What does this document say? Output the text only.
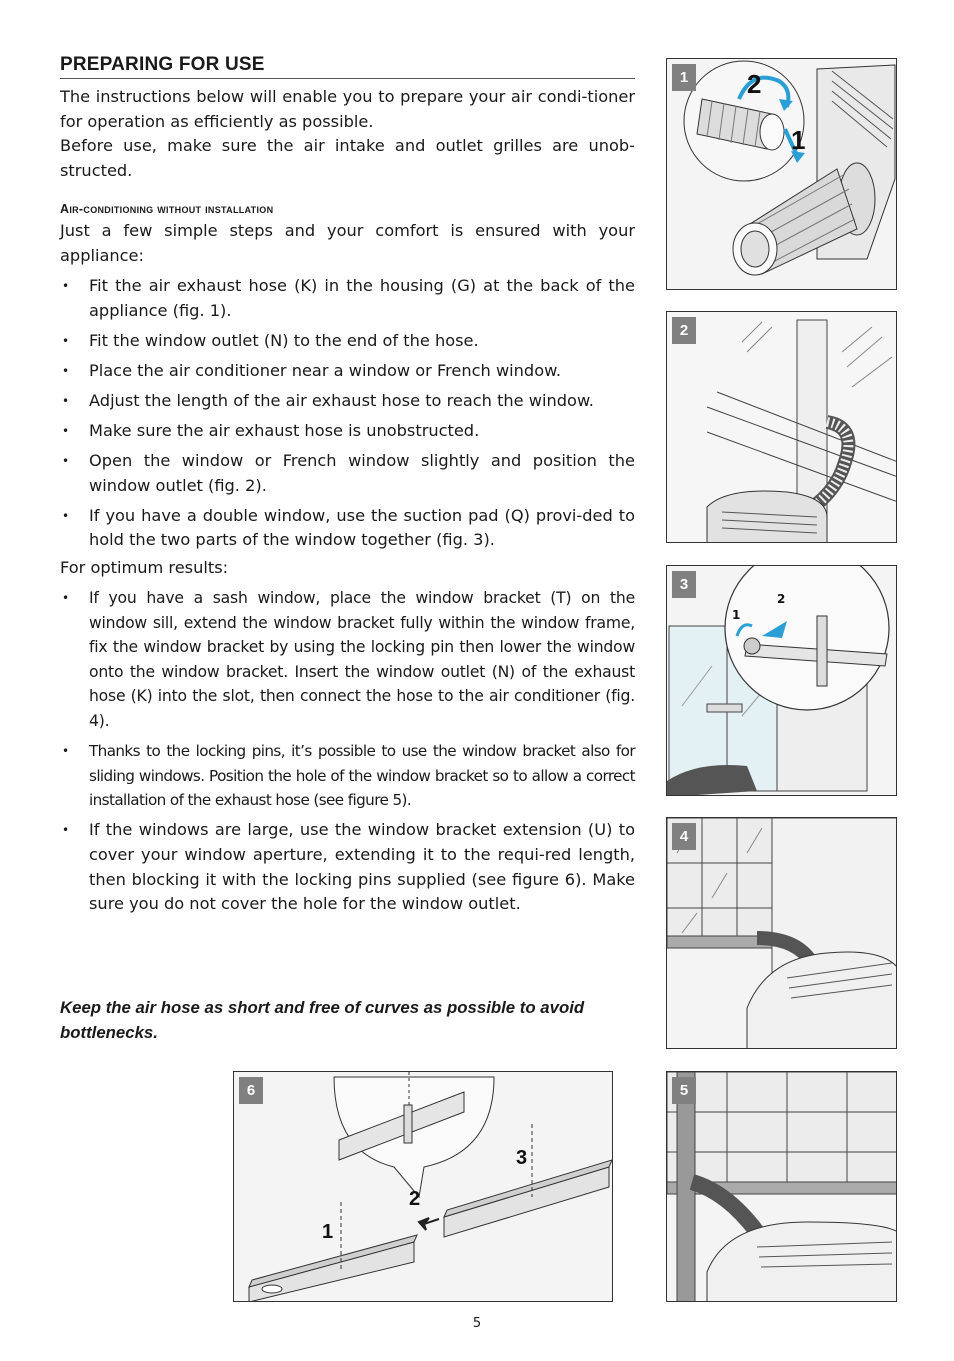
PREPARING FOR USE

The instructions below will enable you to prepare your air condi-tioner for operation as efficiently as possible.

Before use, make sure the air intake and outlet grilles are unob-structed.

Air-conditioning without installation

Just a few simple steps and your comfort is ensured with your appliance:

• Fit the air exhaust hose (K) in the housing (G) at the back of the appliance (fig. 1).
• Fit the window outlet (N) to the end of the hose.
• Place the air conditioner near a window or French window.
• Adjust the length of the air exhaust hose to reach the window.
• Make sure the air exhaust hose is unobstructed.
• Open the window or French window slightly and position the window outlet (fig. 2).
• If you have a double window, use the suction pad (Q) provi-ded to hold the two parts of the window together (fig. 3).

For optimum results:

• If you have a sash window, place the window bracket (T) on the window sill, extend the window bracket fully within the window frame, fix the window bracket by using the locking pin then lower the window onto the window bracket. Insert the window outlet (N) of the exhaust hose (K) into the slot, then connect the hose to the air conditioner (fig. 4).
• Thanks to the locking pins, it’s possible to use the window bracket also for sliding windows. Position the hole of the window bracket so to allow a correct installation of the exhaust hose (see figure 5).
• If the windows are large, use the window bracket extension (U) to cover your window aperture, extending it to the requi-red length, then blocking it with the locking pins supplied (see figure 6). Make sure you do not cover the hole for the window outlet.
Keep the air hose as short and free of curves as possible to avoid bottlenecks.
2
1
1
2
1
2
3
4
5
1
2
3
6
5
